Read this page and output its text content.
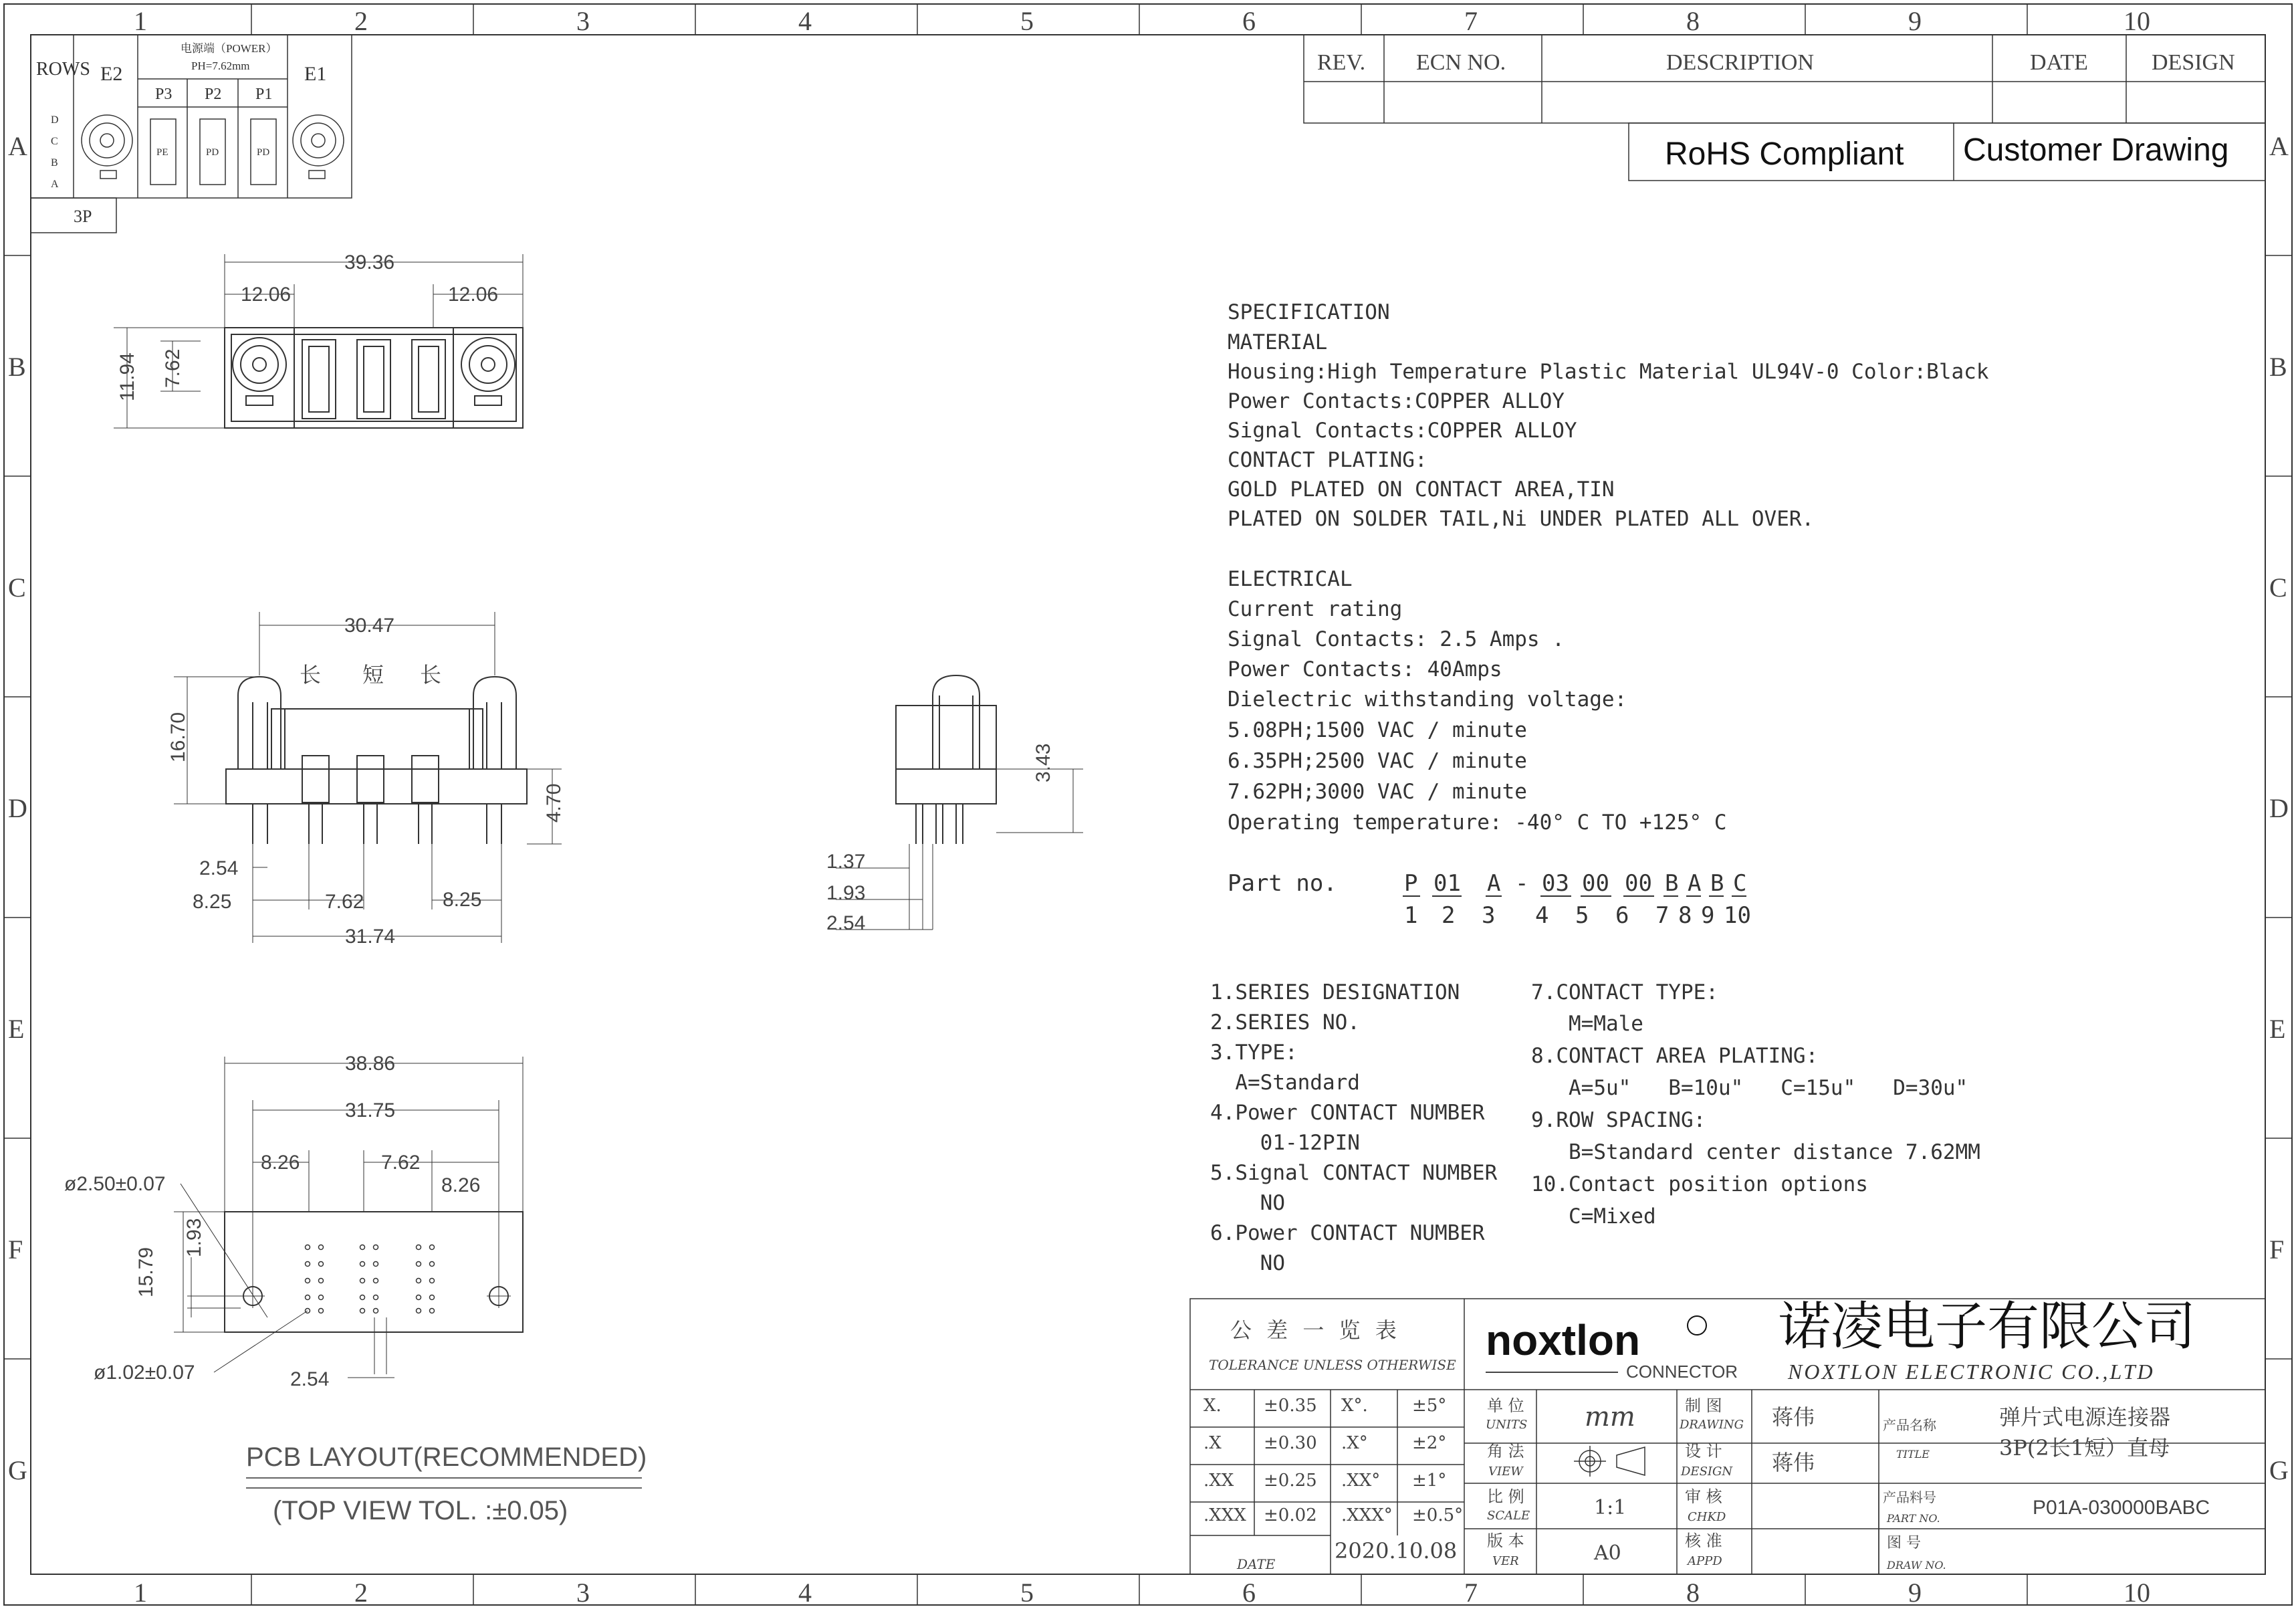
1	2	3	4	5	6	7	8	9	10
1	2	3	4	5	6	7	8	9	10
A
B
C
D
E
F
G
A
B
C
D
E
F
G
ROWS E2	E1
电源端（POWER）
PH=7.62mm
P3 P2 P1
D
C
B
A
PE	PD	PD
3P
REV. ECN NO.	DESCRIPTION	DATE	DESIGN
RoHS Compliant Customer Drawing
SPECIFICATION
MATERIAL
Housing:High Temperature Plastic Material UL94V-0 Color:Black
Power Contacts:COPPER ALLOY
Signal Contacts:COPPER ALLOY
CONTACT PLATING:
GOLD PLATED ON CONTACT AREA,TIN
PLATED ON SOLDER TAIL,Ni UNDER PLATED ALL OVER.
ELECTRICAL
Current rating
Signal Contacts: 2.5 Amps .
Power Contacts: 40Amps
Dielectric withstanding voltage:
5.08PH;1500 VAC / minute
6.35PH;2500 VAC / minute
7.62PH;3000 VAC / minute
Operating temperature: -40° C TO +125° C
Part no.	P 01 A - 03 00 00 B A B C
1 2 3 4 5 6 7 8 9 10
1.SERIES DESIGNATION
2.SERIES NO.
3.TYPE:
A=Standard
4.Power CONTACT NUMBER
01-12PIN
5.Signal CONTACT NUMBER
NO
6.Power CONTACT NUMBER
NO
7.CONTACT TYPE:
M=Male
8.CONTACT AREA PLATING:
A=5u"   B=10u"   C=15u"   D=30u"
9.ROW SPACING:
B=Standard center distance 7.62MM
10.Contact position options
C=Mixed
39.36
12.06	12.06
11.94 7.62
30.47
16.70
4.70
2.54
8.25	7.62	8.25
31.74
3.43
1.37
1.93
2.54
38.86
31.75
8.26	7.62
8.26
ø2.50±0.07
ø1.02±0.07
15.79
1.93
2.54
长 短 长
PCB LAYOUT(RECOMMENDED)
(TOP VIEW TOL. :±0.05)
公 差 一 览 表
TOLERANCE UNLESS OTHERWISE
X. ±0.35 X°.	±5°
.X ±0.30 .X°	±2°
.XX ±0.25 .XX° ±1°
.XXX ±0.02 .XXX° ±0.5°
DATE
2020.10.08
单 位
UNITS mm
角 法
VIEW
比 例
SCALE	1:1
版 本
VER	A0
制 图
DRAWING 蒋伟
设 计
DESIGN 蒋伟
审 核
CHKD
核 准
APPD
产品名称
TITLE
弹片式电源连接器
3P(2长1短）直母
产品料号
PART NO.	P01A-030000BABC
图 号
DRAW NO.
noxtlon
CONNECTOR
诺凌电子有限公司
NOXTLON ELECTRONIC CO.,LTD
